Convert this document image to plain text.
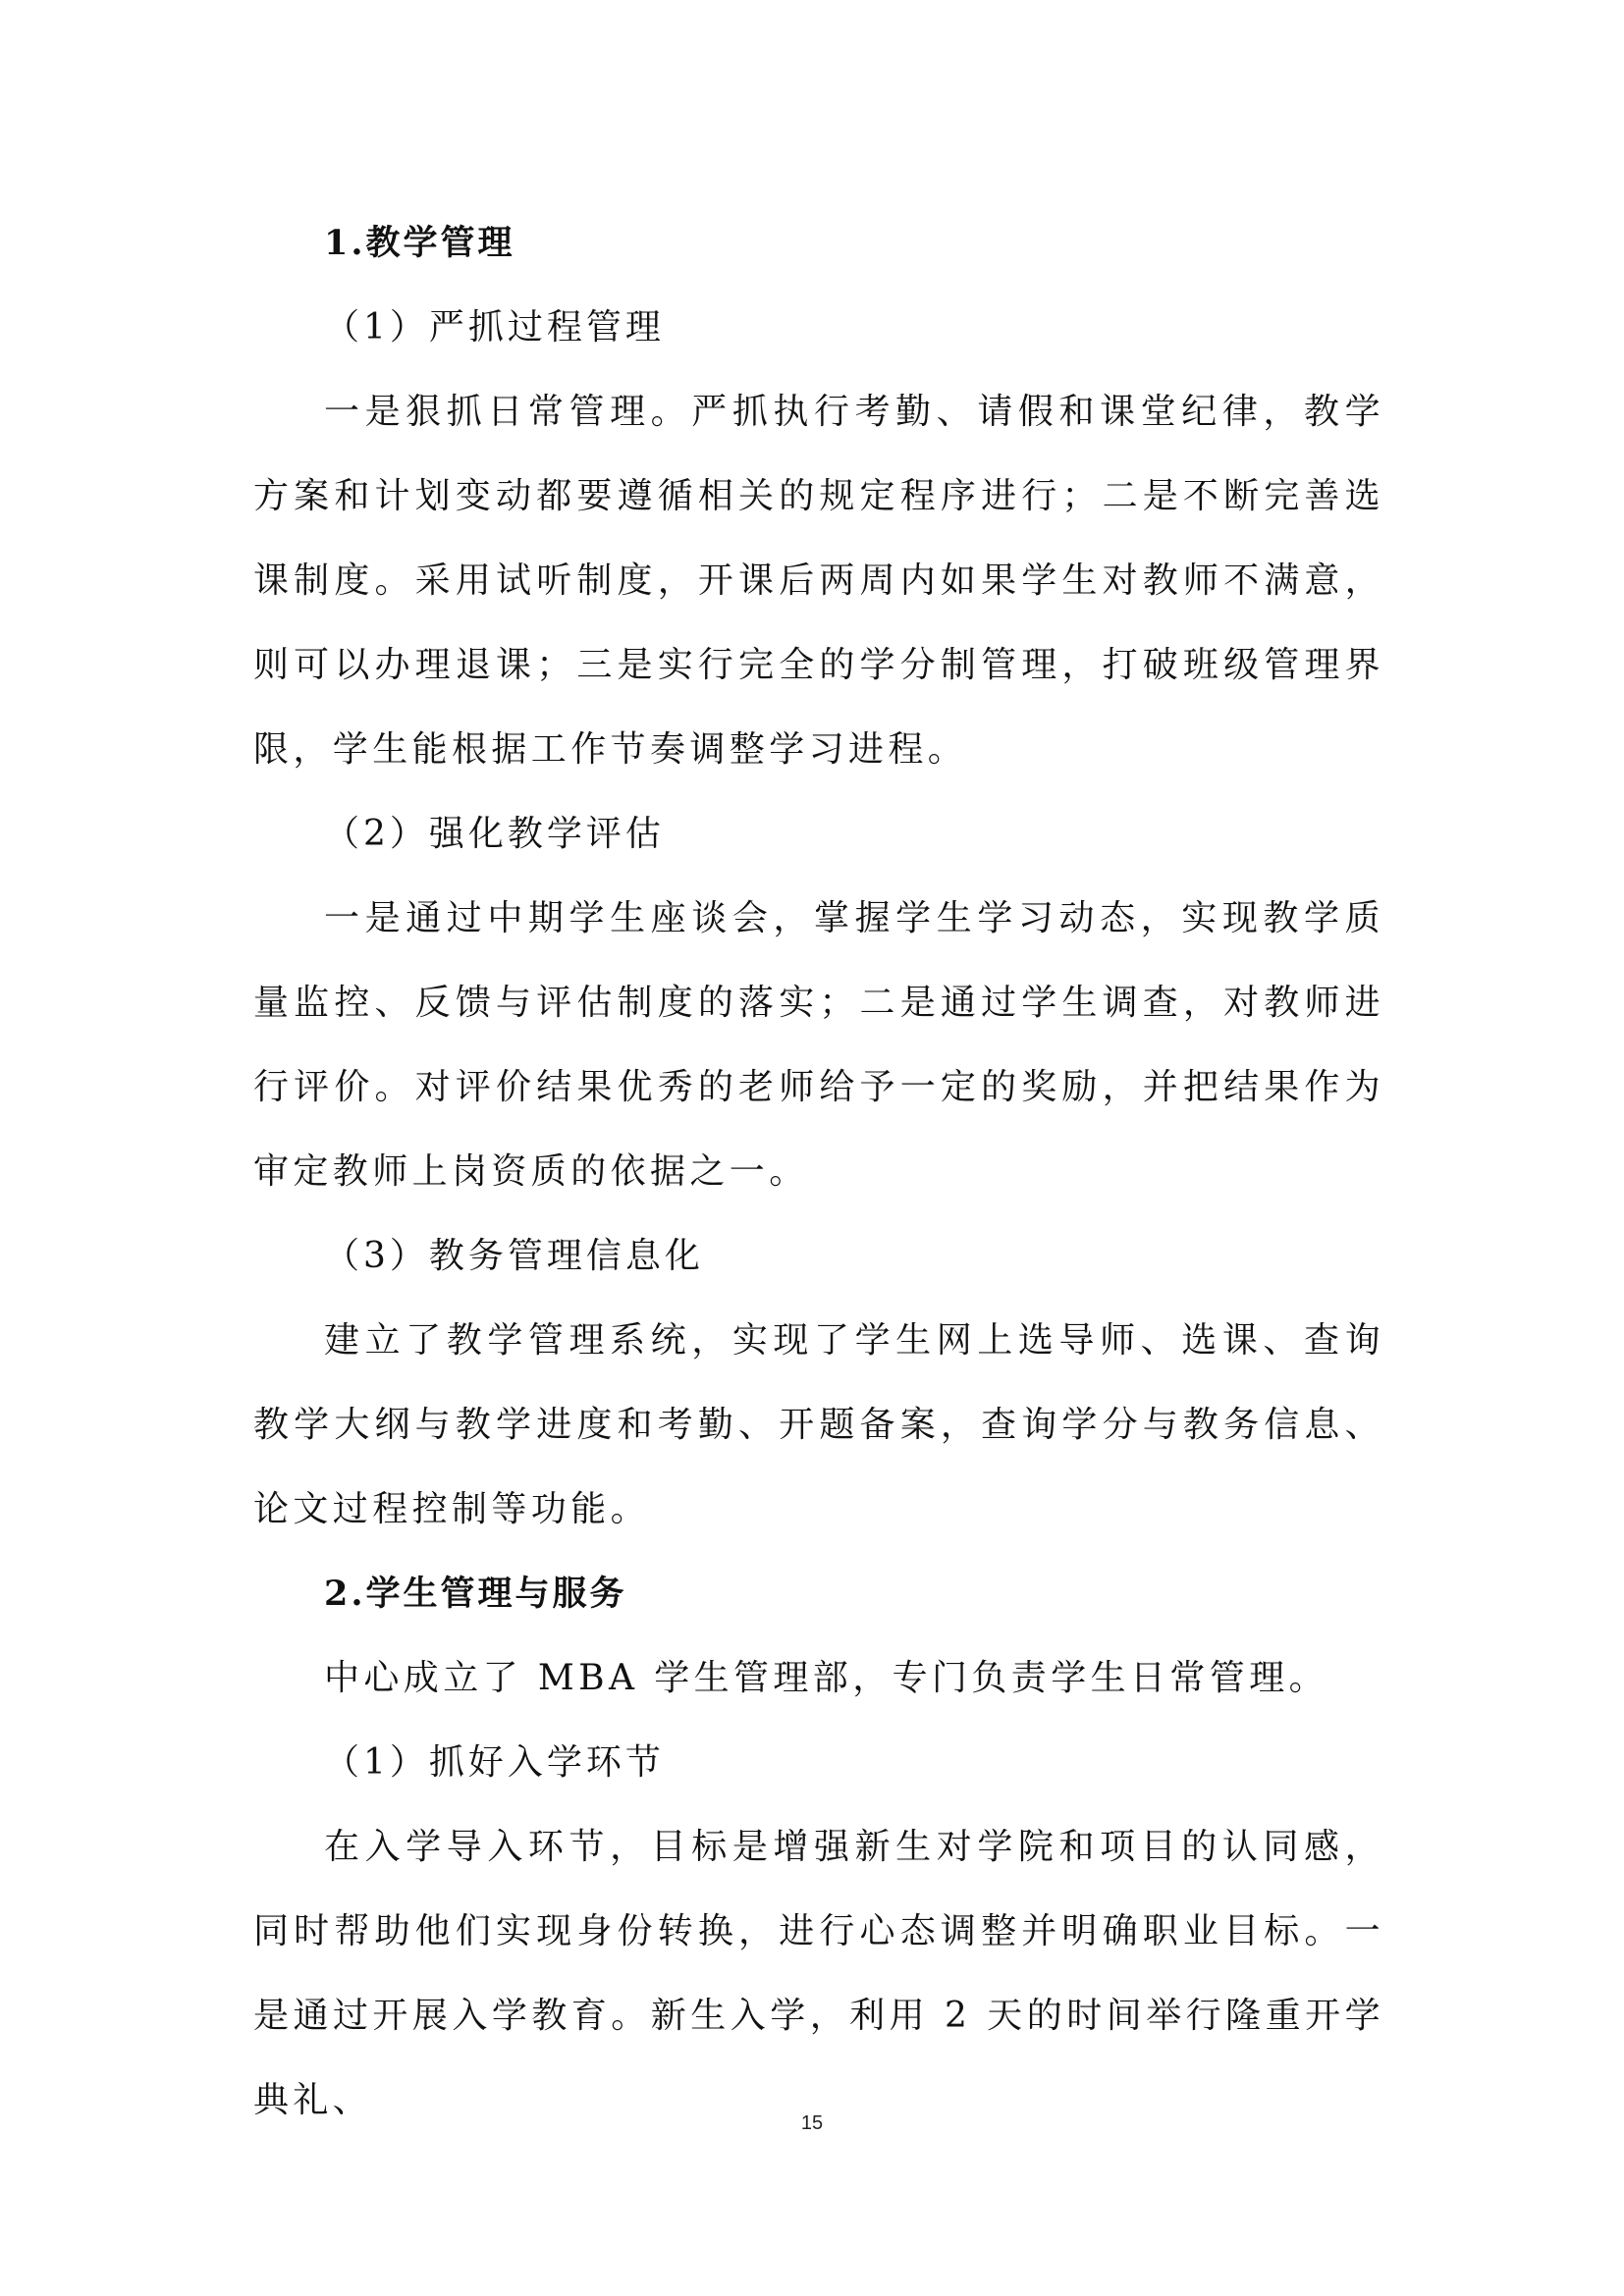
1.教学管理
（1）严抓过程管理
一是狠抓日常管理。严抓执行考勤、请假和课堂纪律，教学方案和计划变动都要遵循相关的规定程序进行；二是不断完善选课制度。采用试听制度，开课后两周内如果学生对教师不满意，则可以办理退课；三是实行完全的学分制管理，打破班级管理界限，学生能根据工作节奏调整学习进程。
（2）强化教学评估
一是通过中期学生座谈会，掌握学生学习动态，实现教学质量监控、反馈与评估制度的落实；二是通过学生调查，对教师进行评价。对评价结果优秀的老师给予一定的奖励，并把结果作为审定教师上岗资质的依据之一。
（3）教务管理信息化
建立了教学管理系统，实现了学生网上选导师、选课、查询教学大纲与教学进度和考勤、开题备案，查询学分与教务信息、论文过程控制等功能。
2.学生管理与服务
中心成立了 MBA 学生管理部，专门负责学生日常管理。
（1）抓好入学环节
在入学导入环节，目标是增强新生对学院和项目的认同感，同时帮助他们实现身份转换，进行心态调整并明确职业目标。一是通过开展入学教育。新生入学，利用 2 天的时间举行隆重开学典礼、
15
